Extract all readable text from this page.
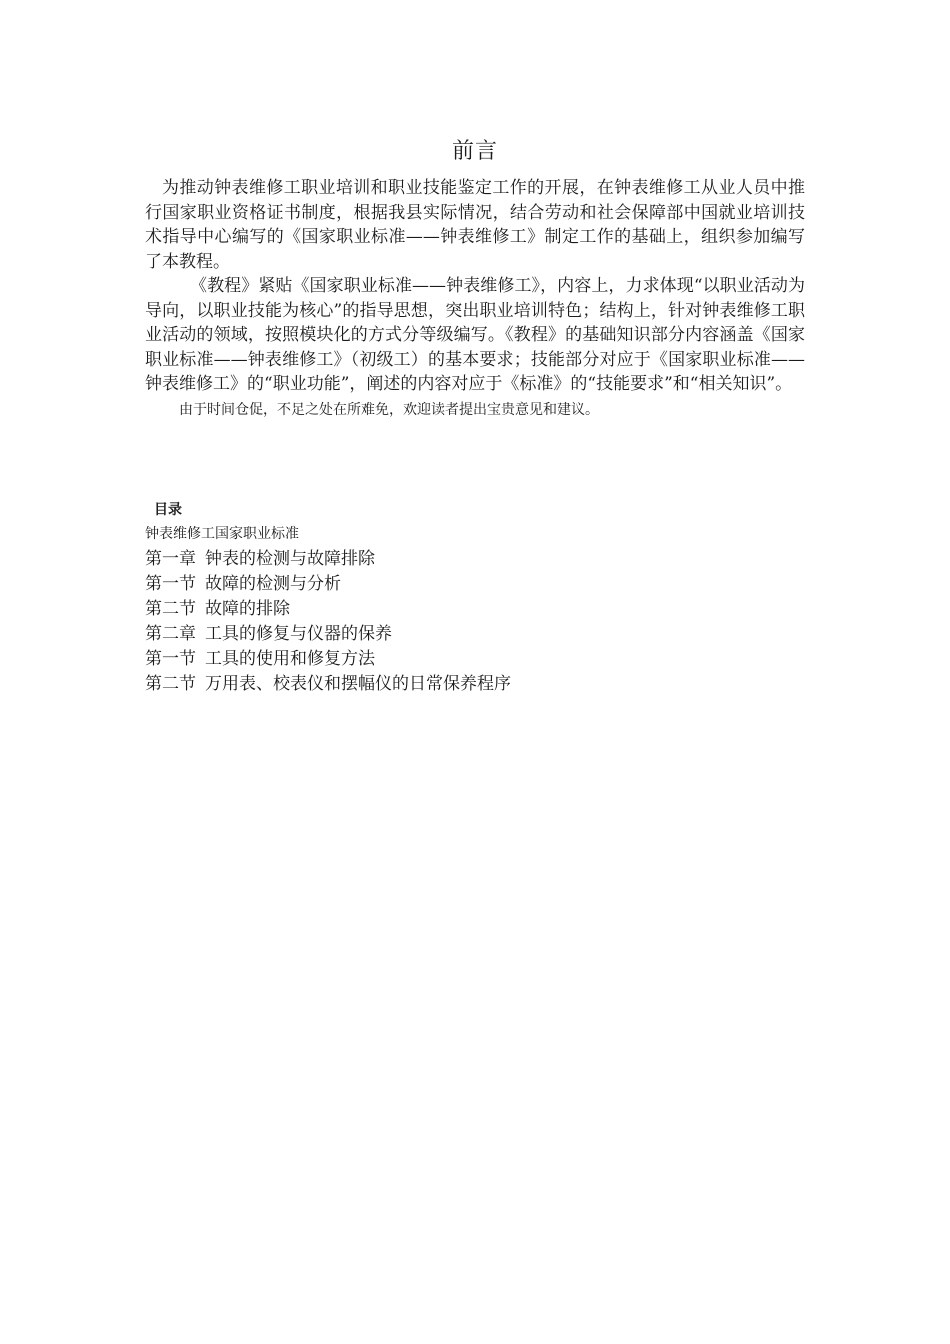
前言

为推动钟表维修工职业培训和职业技能鉴定工作的开展，在钟表维修工从业人员中推行国家职业资格证书制度，根据我县实际情况，结合劳动和社会保障部中国就业培训技术指导中心编写的《国家职业标准——钟表维修工》制定工作的基础上，组织参加编写了本教程。

《教程》紧贴《国家职业标准——钟表维修工》，内容上，力求体现“以职业活动为导向，以职业技能为核心”的指导思想，突出职业培训特色；结构上，针对钟表维修工职业活动的领域，按照模块化的方式分等级编写。《教程》的基础知识部分内容涵盖《国家职业标准——钟表维修工》（初级工）的基本要求；技能部分对应于《国家职业标准——钟表维修工》的“职业功能”，阐述的内容对应于《标准》的“技能要求”和“相关知识”。

由于时间仓促，不足之处在所难免，欢迎读者提出宝贵意见和建议。

目录
钟表维修工国家职业标准
第一章 钟表的检测与故障排除
第一节 故障的检测与分析
第二节 故障的排除
第二章 工具的修复与仪器的保养
第一节 工具的使用和修复方法
第二节 万用表、校表仪和摆幅仪的日常保养程序
